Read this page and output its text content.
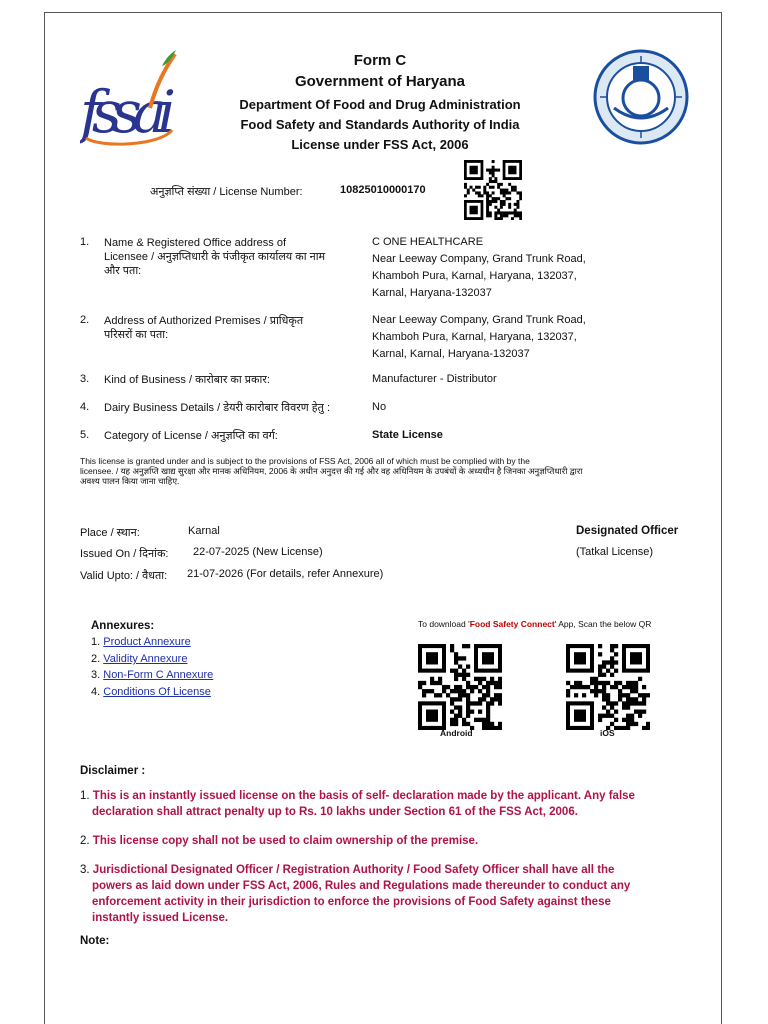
fssai
Form C
Government of Haryana
Department Of Food and Drug Administration
Food Safety and Standards Authority of India
License under FSS Act, 2006
अनुज्ञप्ति संख्या / License Number:	10825010000170
1. Name & Registered Office address of
Licensee / अनुज्ञप्तिधारी के पंजीकृत कार्यालय का नाम
और पता:
C ONE HEALTHCARE
Near Leeway Company, Grand Trunk Road,
Khamboh Pura, Karnal, Haryana, 132037,
Karnal, Haryana-132037
2. Address of Authorized Premises / प्राधिकृत
परिसरों का पता:
Near Leeway Company, Grand Trunk Road,
Khamboh Pura, Karnal, Haryana, 132037,
Karnal, Karnal, Haryana-132037
3. Kind of Business / कारोबार का प्रकार:	Manufacturer - Distributor
4. Dairy Business Details / डेयरी कारोबार विवरण हेतु :	No
5. Category of License / अनुज्ञप्ति का वर्ग:	State License
This license is granted under and is subject to the provisions of FSS Act, 2006 all of which must be complied with by the
licensee. / यह अनुज्ञप्ति खाद्य सुरक्षा और मानक अधिनियम, 2006 के अधीन अनुदत्त की गई और वह अधिनियम के उपबंधों के अध्यधीन है जिनका अनुज्ञप्तिधारी द्वारा
अवश्य पालन किया जाना चाहिए.
Place / स्थान:	Karnal
Issued On / दिनांक: 22-07-2025 (New License)
Valid Upto: / वैधता: 21-07-2026 (For details, refer Annexure)
Designated Officer
(Tatkal License)
Annexures:
1. Product Annexure
2. Validity Annexure
3. Non-Form C Annexure
4. Conditions Of License
To download 'Food Safety Connect' App, Scan the below QR
Android	iOS
Disclaimer :
1. This is an instantly issued license on the basis of self- declaration made by the applicant. Any false
declaration shall attract penalty up to Rs. 10 lakhs under Section 61 of the FSS Act, 2006.
2. This license copy shall not be used to claim ownership of the premise.
3. Jurisdictional Designated Officer / Registration Authority / Food Safety Officer shall have all the
powers as laid down under FSS Act, 2006, Rules and Regulations made thereunder to conduct any
enforcement activity in their jurisdiction to enforce the provisions of Food Safety against these
instantly issued License.
Note:
